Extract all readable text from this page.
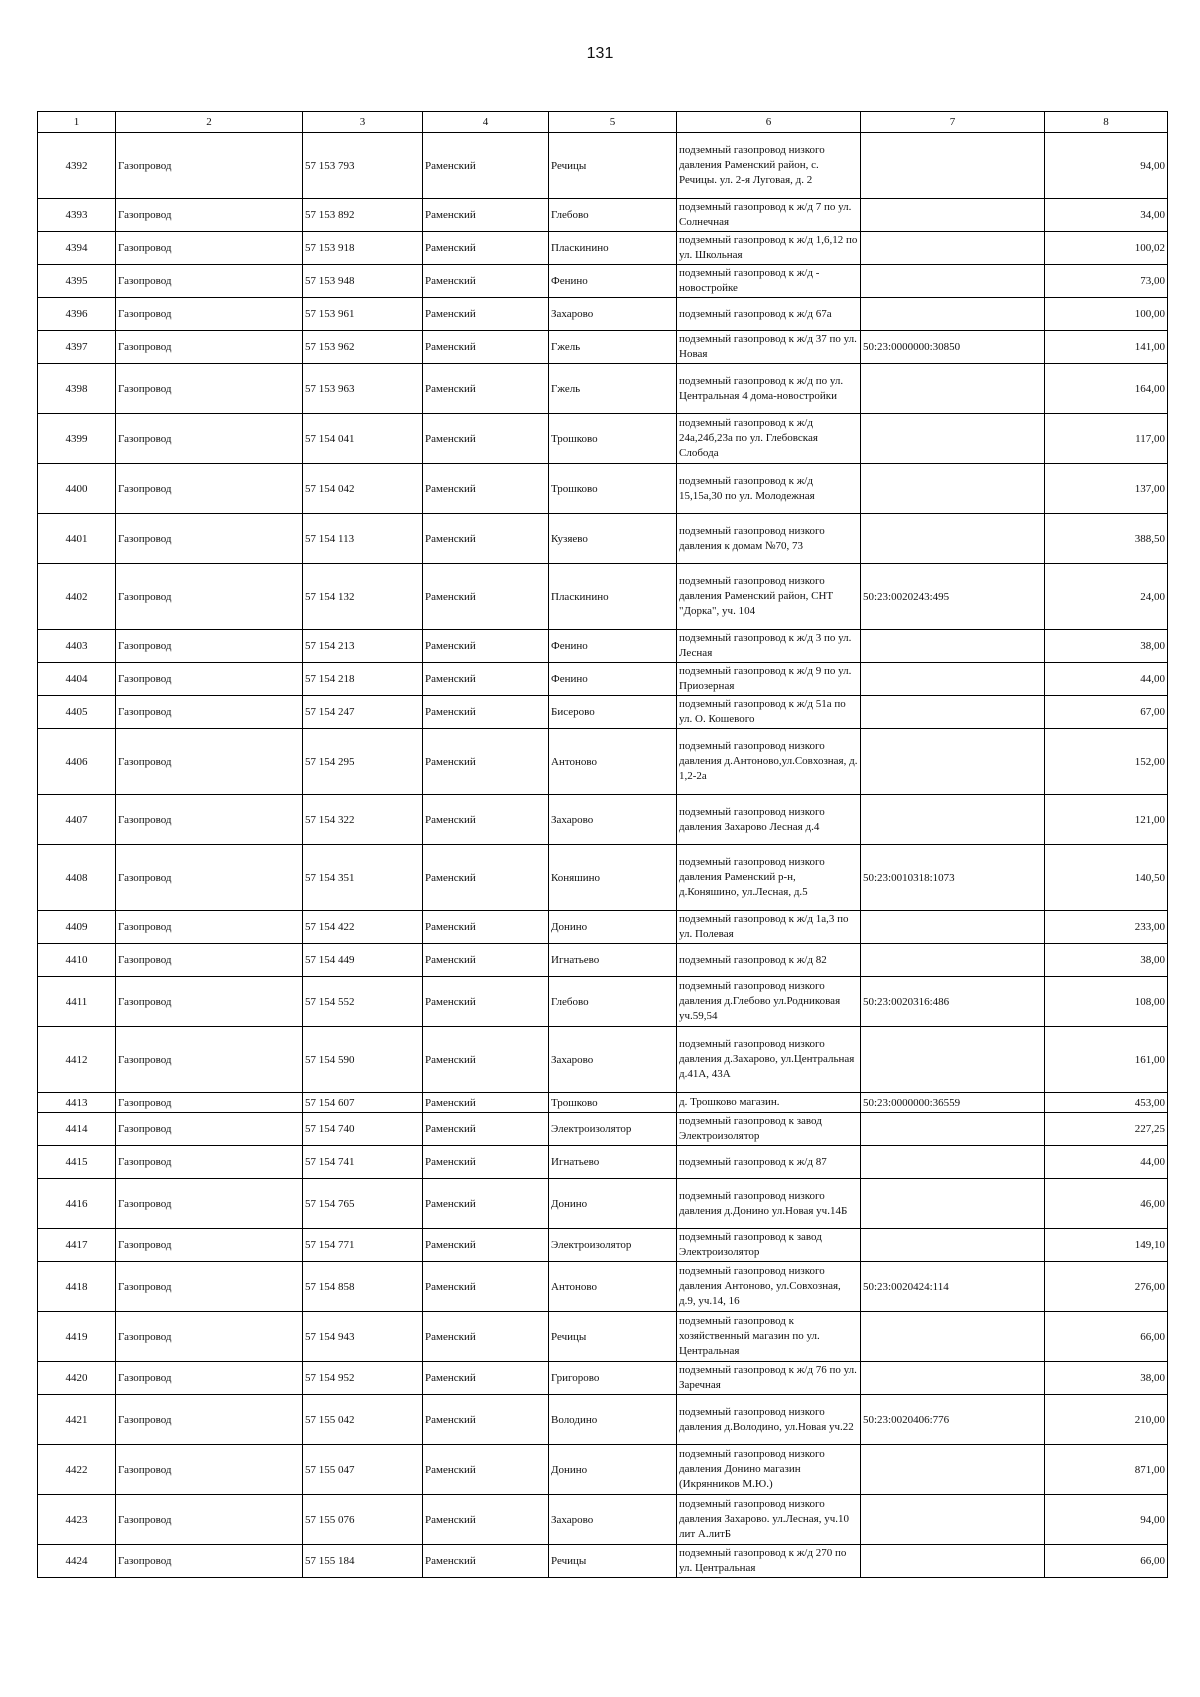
131
1	2	3	4	5	6	7	8
4392	Газопровод	57 153 793	Раменский	Речицы	подземный газопровод низкого давления Раменский район, с. Речицы. ул. 2-я Луговая, д. 2		94,00
4393	Газопровод	57 153 892	Раменский	Глебово	подземный газопровод к ж/д 7 по ул. Солнечная		34,00
4394	Газопровод	57 153 918	Раменский	Пласкинино	подземный газопровод к ж/д 1,6,12 по ул. Школьная		100,02
4395	Газопровод	57 153 948	Раменский	Фенино	подземный газопровод к ж/д - новостройке		73,00
4396	Газопровод	57 153 961	Раменский	Захарово	подземный газопровод к ж/д 67а		100,00
4397	Газопровод	57 153 962	Раменский	Гжель	подземный газопровод к ж/д 37 по ул. Новая	50:23:0000000:30850	141,00
4398	Газопровод	57 153 963	Раменский	Гжель	подземный газопровод к ж/д по ул. Центральная 4 дома-новостройки		164,00
4399	Газопровод	57 154 041	Раменский	Трошково	подземный газопровод к ж/д 24а,24б,23а по ул. Глебовская Слобода		117,00
4400	Газопровод	57 154 042	Раменский	Трошково	подземный газопровод к ж/д 15,15а,30 по ул. Молодежная		137,00
4401	Газопровод	57 154 113	Раменский	Кузяево	подземный газопровод низкого давления к домам №70, 73		388,50
4402	Газопровод	57 154 132	Раменский	Пласкинино	подземный газопровод низкого давления Раменский район, СНТ "Дорка", уч. 104	50:23:0020243:495	24,00
4403	Газопровод	57 154 213	Раменский	Фенино	подземный газопровод к ж/д 3 по ул. Лесная		38,00
4404	Газопровод	57 154 218	Раменский	Фенино	подземный газопровод к ж/д 9 по ул. Приозерная		44,00
4405	Газопровод	57 154 247	Раменский	Бисерово	подземный газопровод к ж/д 51а по ул. О. Кошевого		67,00
4406	Газопровод	57 154 295	Раменский	Антоново	подземный газопровод низкого давления д.Антоново,ул.Совхозная, д. 1,2-2а		152,00
4407	Газопровод	57 154 322	Раменский	Захарово	подземный газопровод низкого давления Захарово Лесная д.4		121,00
4408	Газопровод	57 154 351	Раменский	Коняшино	подземный газопровод низкого давления Раменский р-н, д.Коняшино, ул.Лесная, д.5	50:23:0010318:1073	140,50
4409	Газопровод	57 154 422	Раменский	Донино	подземный газопровод к ж/д 1а,3 по ул. Полевая		233,00
4410	Газопровод	57 154 449	Раменский	Игнатьево	подземный газопровод к ж/д 82		38,00
4411	Газопровод	57 154 552	Раменский	Глебово	подземный газопровод низкого давления д.Глебово ул.Родниковая уч.59,54	50:23:0020316:486	108,00
4412	Газопровод	57 154 590	Раменский	Захарово	подземный газопровод низкого давления д.Захарово, ул.Центральная д.41А, 43А		161,00
4413	Газопровод	57 154 607	Раменский	Трошково	д. Трошково магазин.	50:23:0000000:36559	453,00
4414	Газопровод	57 154 740	Раменский	Электроизолятор	подземный газопровод к завод Электроизолятор		227,25
4415	Газопровод	57 154 741	Раменский	Игнатьево	подземный газопровод к ж/д 87		44,00
4416	Газопровод	57 154 765	Раменский	Донино	подземный газопровод низкого давления д.Донино ул.Новая уч.14Б		46,00
4417	Газопровод	57 154 771	Раменский	Электроизолятор	подземный газопровод к завод Электроизолятор		149,10
4418	Газопровод	57 154 858	Раменский	Антоново	подземный газопровод низкого давления Антоново, ул.Совхозная, д.9, уч.14, 16	50:23:0020424:114	276,00
4419	Газопровод	57 154 943	Раменский	Речицы	подземный газопровод к хозяйственный магазин по ул. Центральная		66,00
4420	Газопровод	57 154 952	Раменский	Григорово	подземный газопровод к ж/д 76 по ул. Заречная		38,00
4421	Газопровод	57 155 042	Раменский	Володино	подземный газопровод низкого давления д.Володино, ул.Новая уч.22	50:23:0020406:776	210,00
4422	Газопровод	57 155 047	Раменский	Донино	подземный газопровод низкого давления Донино магазин (Икрянников М.Ю.)		871,00
4423	Газопровод	57 155 076	Раменский	Захарово	подземный газопровод низкого давления Захарово. ул.Лесная, уч.10 лит А.литБ		94,00
4424	Газопровод	57 155 184	Раменский	Речицы	подземный газопровод к ж/д 270 по ул. Центральная		66,00
